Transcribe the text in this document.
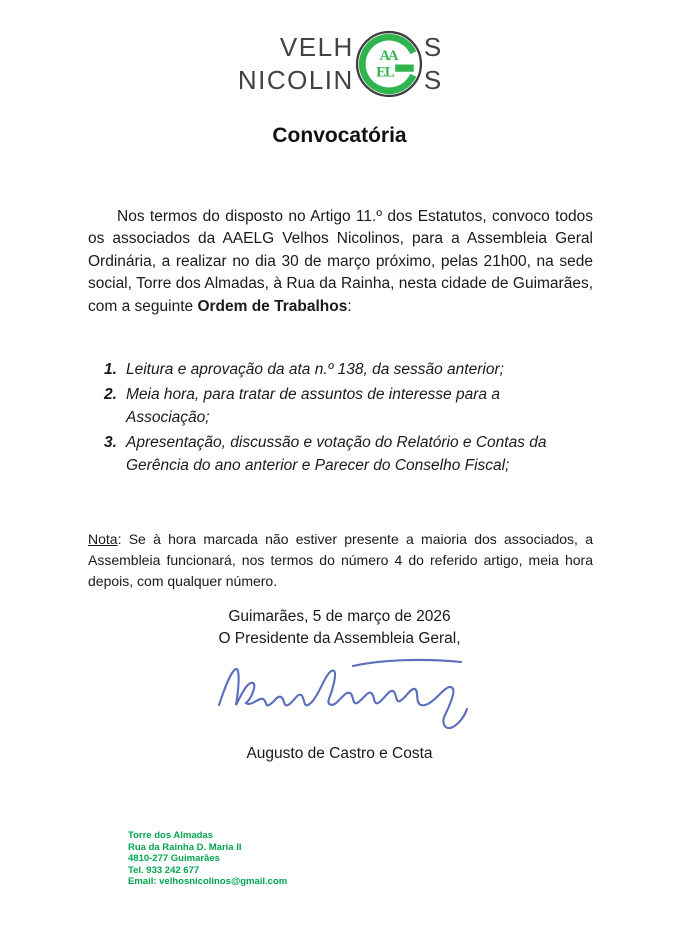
VELH
NICOLIN
AA
EL
S
S
Convocatória

Nos termos do disposto no Artigo 11.º dos Estatutos, convoco todos os associados da AAELG Velhos Nicolinos, para a Assembleia Geral Ordinária, a realizar no dia 30 de março próximo, pelas 21h00, na sede social, Torre dos Almadas, à Rua da Rainha, nesta cidade de Guimarães, com a seguinte Ordem de Trabalhos:

1. Leitura e aprovação da ata n.º 138, da sessão anterior;
2. Meia hora, para tratar de assuntos de interesse para a Associação;
3. Apresentação, discussão e votação do Relatório e Contas da Gerência do ano anterior e Parecer do Conselho Fiscal;

Nota: Se à hora marcada não estiver presente a maioria dos associados, a Assembleia funcionará, nos termos do número 4 do referido artigo, meia hora depois, com qualquer número.

Guimarães, 5 de março de 2026
O Presidente da Assembleia Geral,
Augusto de Castro e Costa
Torre dos Almadas
Rua da Rainha D. Maria II
4810-277 Guimarães
Tel. 933 242 677
Email: velhosnicolinos@gmail.com
